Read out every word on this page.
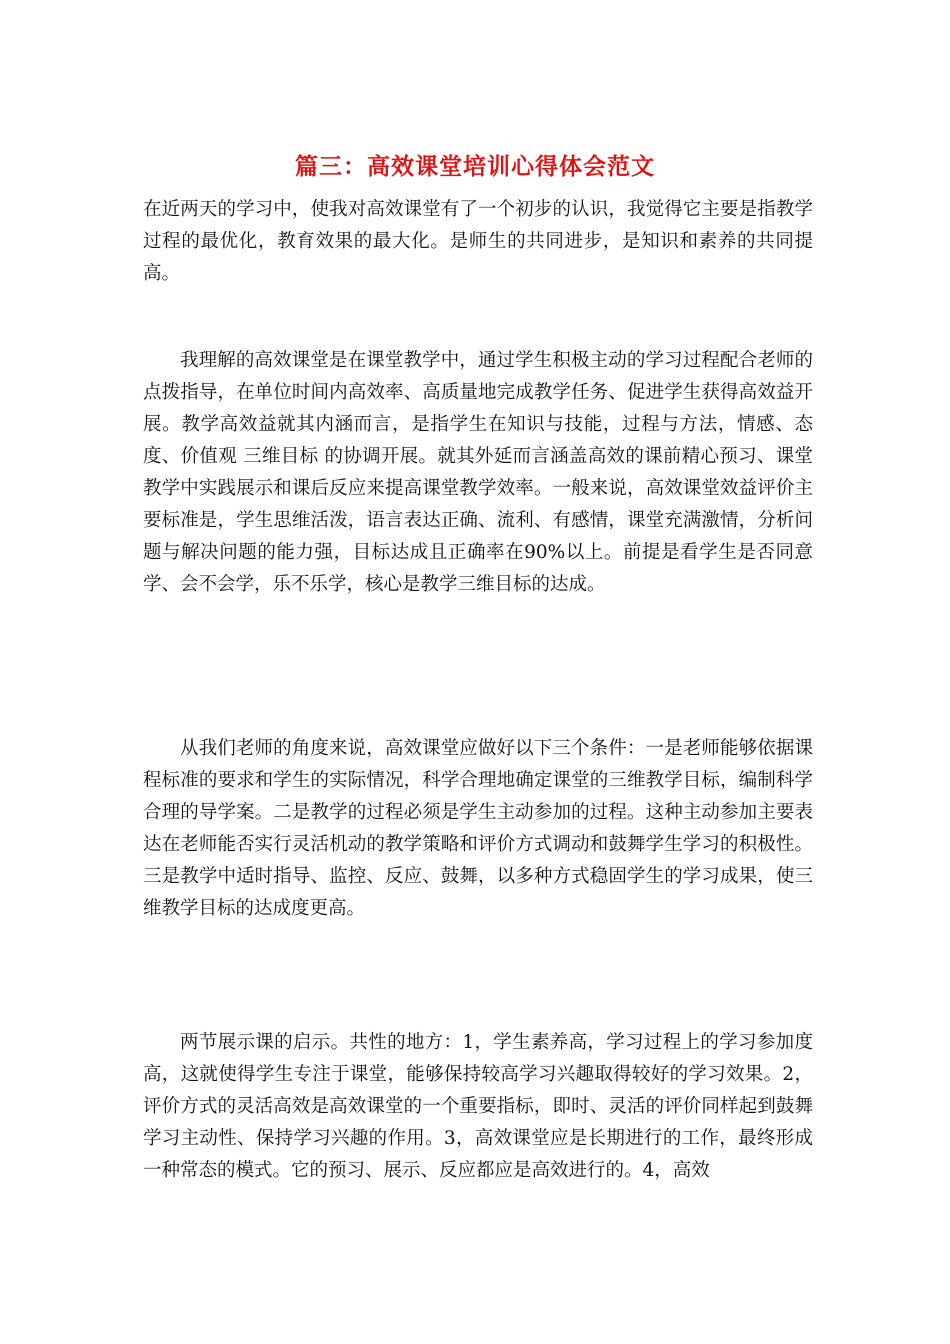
篇三：高效课堂培训心得体会范文

在近两天的学习中，使我对高效课堂有了一个初步的认识，我觉得它主要是指教学过程的最优化，教育效果的最大化。是师生的共同进步，是知识和素养的共同提高。

我理解的高效课堂是在课堂教学中，通过学生积极主动的学习过程配合老师的点拨指导，在单位时间内高效率、高质量地完成教学任务、促进学生获得高效益开展。教学高效益就其内涵而言，是指学生在知识与技能，过程与方法，情感、态度、价值观 三维目标 的协调开展。就其外延而言涵盖高效的课前精心预习、课堂教学中实践展示和课后反应来提高课堂教学效率。一般来说，高效课堂效益评价主要标准是，学生思维活泼，语言表达正确、流利、有感情，课堂充满激情，分析问题与解决问题的能力强，目标达成且正确率在90%以上。前提是看学生是否同意学、会不会学，乐不乐学，核心是教学三维目标的达成。

从我们老师的角度来说，高效课堂应做好以下三个条件：一是老师能够依据课程标准的要求和学生的实际情况，科学合理地确定课堂的三维教学目标，编制科学合理的导学案。二是教学的过程必须是学生主动参加的过程。这种主动参加主要表达在老师能否实行灵活机动的教学策略和评价方式调动和鼓舞学生学习的积极性。三是教学中适时指导、监控、反应、鼓舞，以多种方式稳固学生的学习成果，使三维教学目标的达成度更高。

两节展示课的启示。共性的地方：1，学生素养高，学习过程上的学习参加度高，这就使得学生专注于课堂，能够保持较高学习兴趣取得较好的学习效果。2，评价方式的灵活高效是高效课堂的一个重要指标，即时、灵活的评价同样起到鼓舞学习主动性、保持学习兴趣的作用。3，高效课堂应是长期进行的工作，最终形成一种常态的模式。它的预习、展示、反应都应是高效进行的。4，高效
